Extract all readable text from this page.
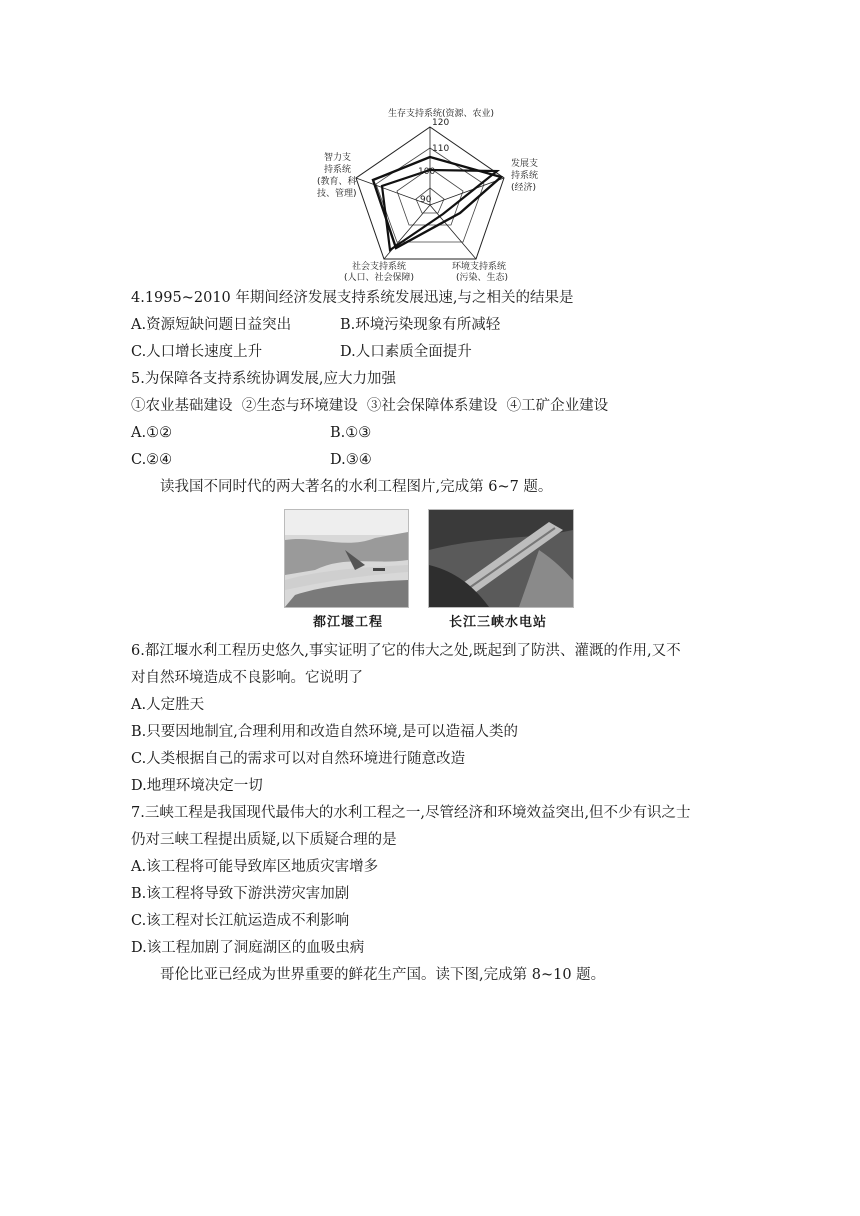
120
110
100
90
生存支持系统(资源、农业)
发展支
持系统
(经济)
智力支
持系统
(教育、科
技、管理)
社会支持系统
(人口、社会保障)
环境支持系统
(污染、生态)
4.1995~2010 年期间经济发展支持系统发展迅速,与之相关的结果是
A.资源短缺问题日益突出	B.环境污染现象有所减轻
C.人口增长速度上升	D.人口素质全面提升
5.为保障各支持系统协调发展,应大力加强
①农业基础建设  ②生态与环境建设  ③社会保障体系建设  ④工矿企业建设
A.①②	B.①③
C.②④	D.③④
读我国不同时代的两大著名的水利工程图片,完成第 6~7 题。
都江堰工程	长江三峡水电站
6.都江堰水利工程历史悠久,事实证明了它的伟大之处,既起到了防洪、灌溉的作用,又不
对自然环境造成不良影响。它说明了
A.人定胜天
B.只要因地制宜,合理利用和改造自然环境,是可以造福人类的
C.人类根据自己的需求可以对自然环境进行随意改造
D.地理环境决定一切
7.三峡工程是我国现代最伟大的水利工程之一,尽管经济和环境效益突出,但不少有识之士
仍对三峡工程提出质疑,以下质疑合理的是
A.该工程将可能导致库区地质灾害增多
B.该工程将导致下游洪涝灾害加剧
C.该工程对长江航运造成不利影响
D.该工程加剧了洞庭湖区的血吸虫病
哥伦比亚已经成为世界重要的鲜花生产国。读下图,完成第 8~10 题。
